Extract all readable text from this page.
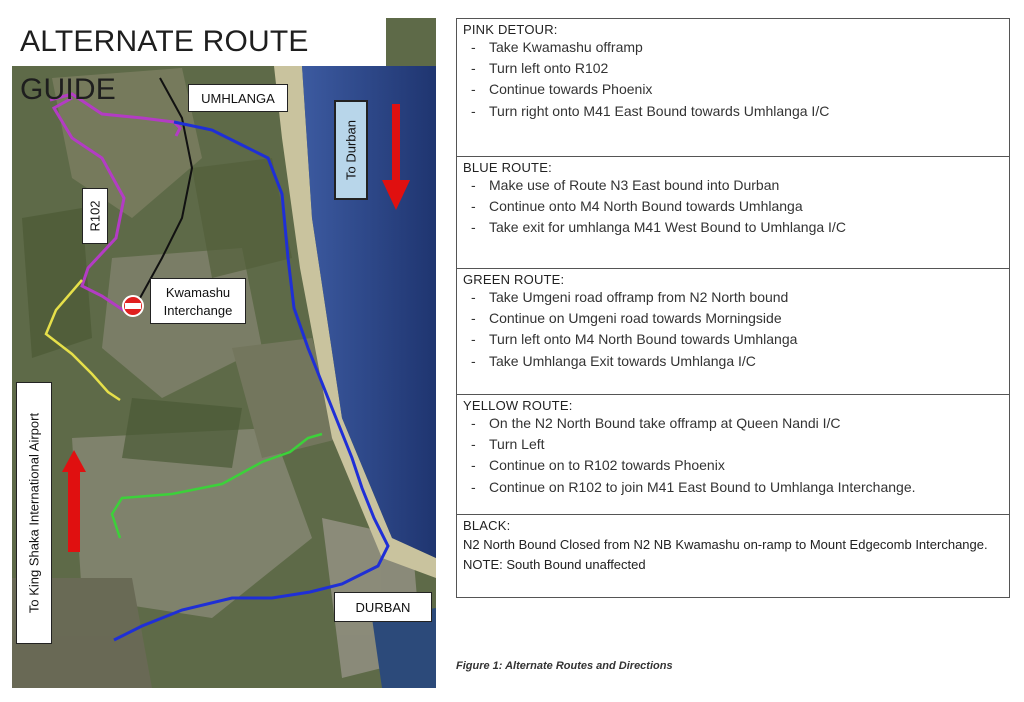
ALTERNATE ROUTE GUIDE	UMHLANGA
DURBAN
Kwamashu
Interchange
R102
To Durban
To King Shaka International Airport
PINK DETOUR:
- Take Kwamashu offramp
- Turn left onto R102
- Continue towards Phoenix
- Turn right onto M41 East Bound towards Umhlanga I/C
BLUE ROUTE:
- Make use of Route N3 East bound into Durban
- Continue onto M4 North Bound towards Umhlanga
- Take exit for umhlanga M41 West Bound to Umhlanga I/C
GREEN ROUTE:
- Take Umgeni road offramp from N2 North bound
- Continue on Umgeni road towards Morningside
- Turn left onto M4 North Bound towards Umhlanga
- Take Umhlanga Exit towards Umhlanga I/C
YELLOW ROUTE:
- On the N2 North Bound take offramp at Queen Nandi I/C
- Turn Left
- Continue on to R102 towards Phoenix
- Continue on R102 to join M41 East Bound to Umhlanga Interchange.
BLACK:

N2 North Bound Closed from N2 NB Kwamashu on-ramp to Mount Edgecomb Interchange.

NOTE: South Bound unaffected

Figure 1: Alternate Routes and Directions
